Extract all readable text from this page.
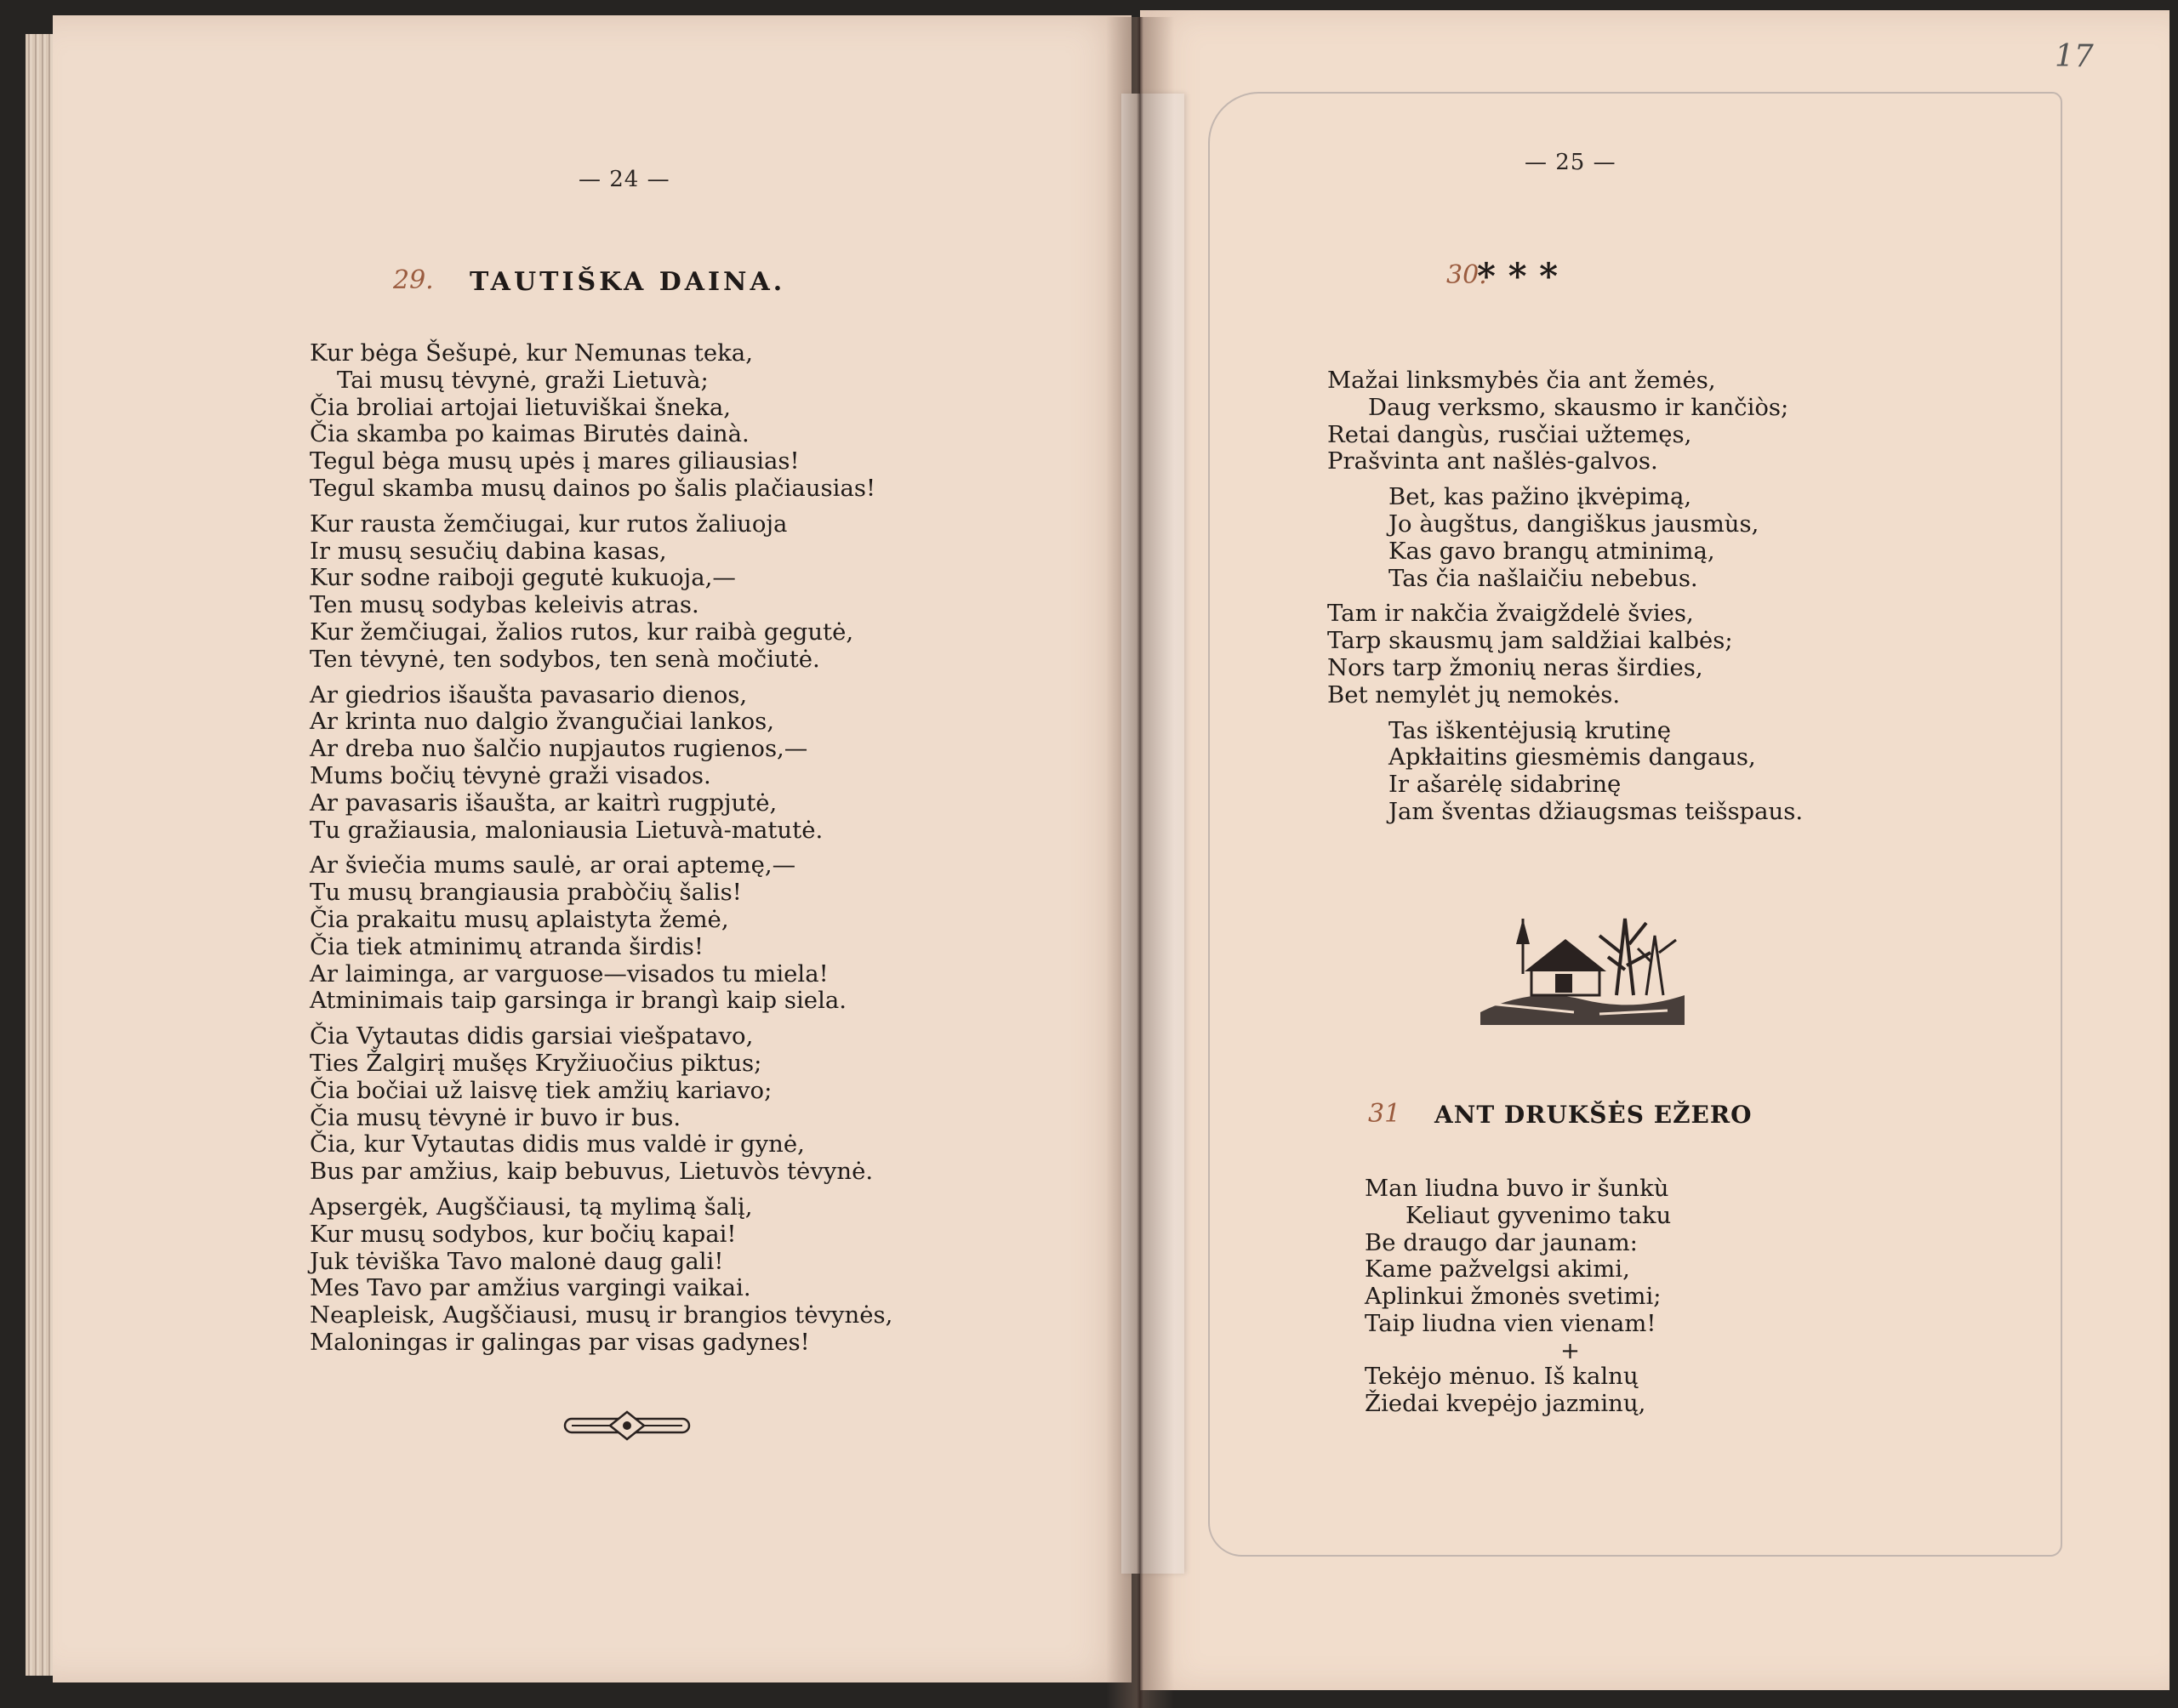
— 24 —
29. TAUTIŠKA DAINA.
Kur bėga Šešupė, kur Nemunas teka,
Tai musų tėvynė, graži Lietuvà;
Čia broliai artojai lietuviškai šneka,
Čia skamba po kaimas Birutės dainà.
Tegul bėga musų upės į mares giliausias!
Tegul skamba musų dainos po šalis plačiausias!
Kur rausta žemčiugai, kur rutos žaliuoja
Ir musų sesučių dabina kasas,
Kur sodne raiboji gegutė kukuoja,—
Ten musų sodybas keleivis atras.
Kur žemčiugai, žalios rutos, kur raibà gegutė,
Ten tėvynė, ten sodybos, ten senà močiutė.
Ar giedrios išaušta pavasario dienos,
Ar krinta nuo dalgio žvangučiai lankos,
Ar dreba nuo šalčio nupjautos rugienos,—
Mums bočių tėvynė graži visados.
Ar pavasaris išaušta, ar kaitrì rugpjutė,
Tu gražiausia, maloniausia Lietuvà-matutė.
Ar šviečia mums saulė, ar orai aptemę,—
Tu musų brangiausia prabòčių šalis!
Čia prakaitu musų aplaistyta žemė,
Čia tiek atminimų atranda širdis!
Ar laiminga, ar varguose—visados tu miela!
Atminimais taip garsinga ir brangì kaip siela.
Čia Vytautas didis garsiai viešpatavo,
Ties Žalgirį mušęs Kryžiuočius piktus;
Čia bočiai už laisvę tiek amžių kariavo;
Čia musų tėvynė ir buvo ir bus.
Čia, kur Vytautas didis mus valdė ir gynė,
Bus par amžius, kaip bebuvus, Lietuvòs tėvynė.
Apsergėk, Augščiausi, tą mylimą šalį,
Kur musų sodybos, kur bočių kapai!
Juk tėviška Tavo malonė daug gali!
Mes Tavo par amžius vargingi vaikai.
Neapleisk, Augščiausi, musų ir brangios tėvynės,
Maloningas ir galingas par visas gadynes!
17
— 25 —
30.
* * *
Mažai linksmybės čia ant žemės,
Daug verksmo, skausmo ir kančiòs;
Retai dangùs, rusčiai užtemęs,
Prašvinta ant našlės-galvos.
Bet, kas pažino įkvėpimą,
Jo àugštus, dangiškus jausmùs,
Kas gavo brangų atminimą,
Tas čia našlaičiu nebebus.
Tam ir nakčia žvaigždelė švies,
Tarp skausmų jam saldžiai kalbės;
Nors tarp žmonių neras širdies,
Bet nemylėt jų nemokės.
Tas iškentėjusią krutinę
Apkłaitins giesmėmis dangaus,
Ir ašarėlę sidabrinę
Jam šventas džiaugsmas teišspaus.
31 ANT DRUKŠĖS EŽERO
Man liudna buvo ir šunkù
Keliaut gyvenimo taku
Be draugo dar jaunam:
Kame pažvelgsi akimi,
Aplinkui žmonės svetimi;
Taip liudna vien vienam!
+
Tekėjo mėnuo. Iš kalnų
Žiedai kvepėjo jazminų,
